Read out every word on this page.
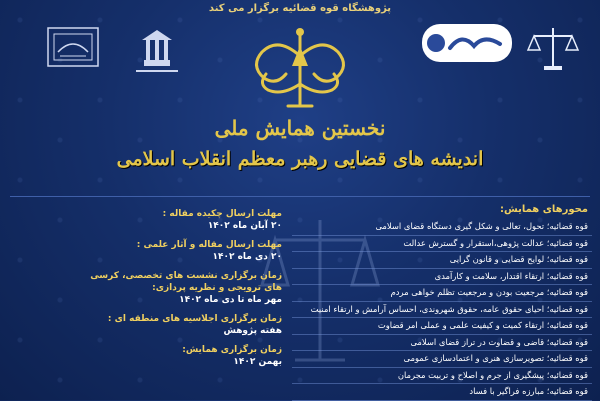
پژوهشگاه قوه قضائیه برگزار می کند
نخستین همایش ملی
اندیشه های قضایی رهبر معظم انقلاب اسلامی
محورهای همایش:
قوه قضائیه؛ تحول، تعالی و شکل گیری دستگاه قضای اسلامی
قوه قضائیه؛ عدالت پژوهی،استقرار و گسترش عدالت
قوه قضائیه؛ لوایح قضایی و قانون گرایی
قوه قضائیه؛ ارتقاء اقتدار، سلامت و کارآمدی
قوه قضائیه؛ مرجعیت بودن و مرجعیت تظلم خواهی مردم
قوه قضائیه؛ احیای حقوق عامه، حقوق شهروندی، احساس آرامش و ارتقاء امنیت
قوه قضائیه؛ ارتقاء کمیت و کیفیت علمی و عملی امر قضاوت
قوه قضائیه؛ قاضی و قضاوت در تراز قضای اسلامی
قوه قضائیه؛ تصویرسازی هنری و اعتمادسازی عمومی
قوه قضائیه؛ پیشگیری از جرم و اصلاح و تربیت مجرمان
قوه قضائیه؛ مبارزه فراگیر با فساد
مهلت ارسال چکیده مقاله :
۲۰ آبان ماه ۱۴۰۲
مهلت ارسال مقاله و آثار علمی :
۲۰ دی ماه ۱۴۰۲
زمان برگزاری نشست های تخصصی، کرسی های ترویجی و نظریه پردازی:
مهر ماه تا دی ماه ۱۴۰۲
زمان برگزاری اجلاسیه های منطقه ای :
هفته پژوهش
زمان برگزاری همایش:
بهمن ۱۴۰۲
